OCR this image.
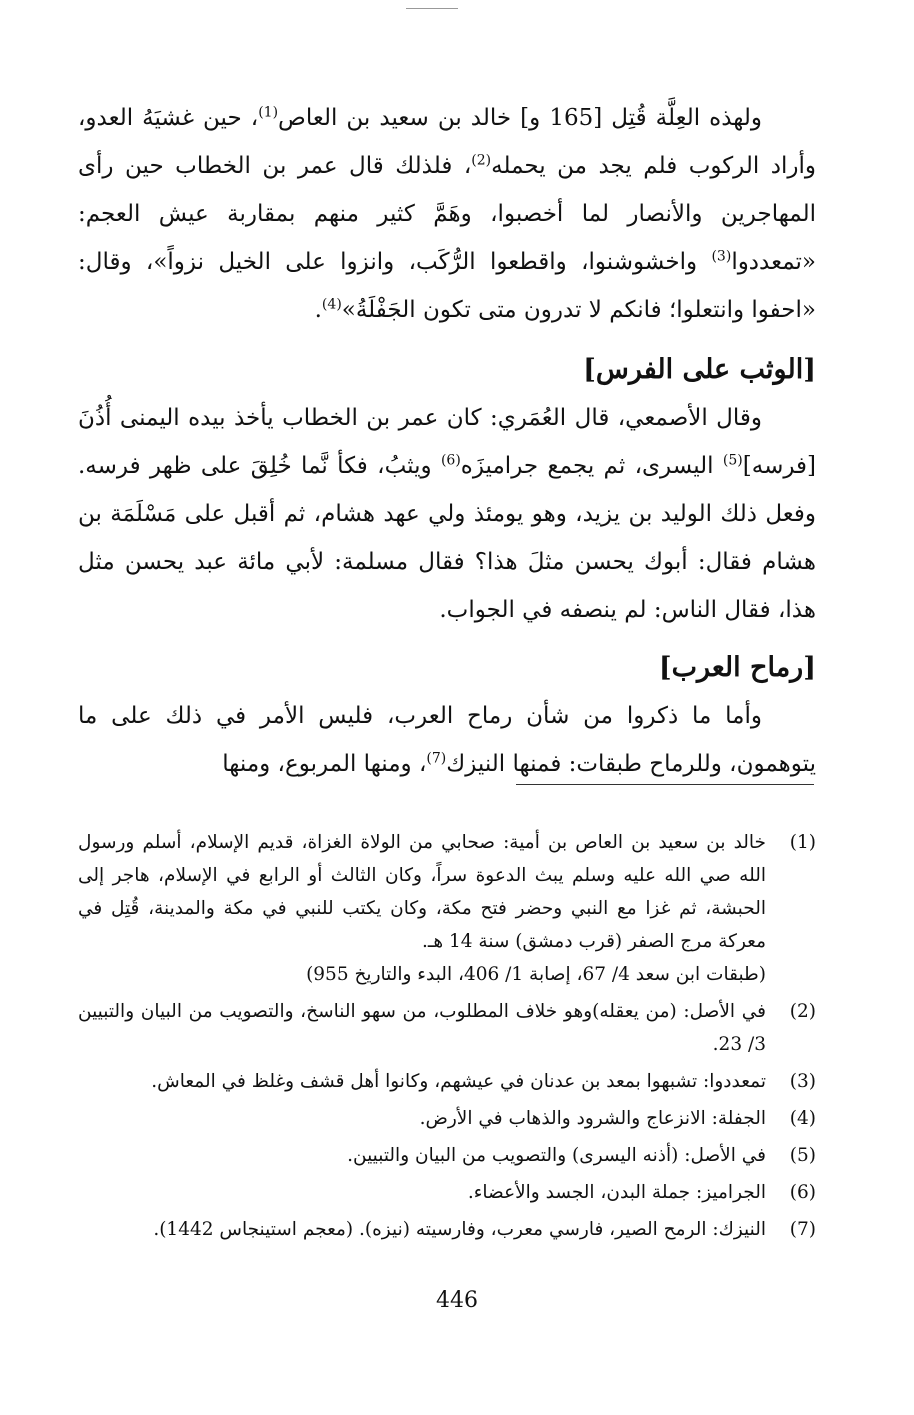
ولهذه العِلَّة قُتِل [165 و] خالد بن سعيد بن العاص$^{(1)}$، حين غشيَهُ العدو، وأراد الركوب فلم يجد من يحمله$^{(2)}$، فلذلك قال عمر بن الخطاب حين رأى المهاجرين والأنصار لما أخصبوا، وهَمَّ كثير منهم بمقاربة عيش العجم: «تمعددوا$^{(3)}$ واخشوشنوا، واقطعوا الرُّكَب، وانزوا على الخيل نزواً»، وقال: «احفوا وانتعلوا؛ فانكم لا تدرون متى تكون الجَفْلَةُ»$^{(4)}$.

[الوثب على الفرس]

وقال الأصمعي، قال العُمَري: كان عمر بن الخطاب يأخذ بيده اليمنى أُذُنَ [فرسه]$^{(5)}$ اليسرى، ثم يجمع جراميزَه$^{(6)}$ ويثبُ، فكأ نَّما خُلِقَ على ظهر فرسه. وفعل ذلك الوليد بن يزيد، وهو يومئذ ولي عهد هشام، ثم أقبل على مَسْلَمَة بن هشام فقال: أبوك يحسن مثلَ هذا؟ فقال مسلمة: لأبي مائة عبد يحسن مثل هذا، فقال الناس: لم ينصفه في الجواب.

[رماح العرب]

وأما ما ذكروا من شأن رماح العرب، فليس الأمر في ذلك على ما يتوهمون، وللرماح طبقات: فمنها النيزك$^{(7)}$، ومنها المربوع، ومنها

(1)
خالد بن سعيد بن العاص بن أمية: صحابي من الولاة الغزاة، قديم الإسلام، أسلم ورسول الله صي الله عليه وسلم يبث الدعوة سراً، وكان الثالث أو الرابع في الإسلام، هاجر إلى الحبشة، ثم غزا مع النبي وحضر فتح مكة، وكان يكتب للنبي في مكة والمدينة، قُتِل في معركة مرج الصفر (قرب دمشق) سنة 14 هـ.
(طبقات ابن سعد 4/ 67، إصابة 1/ 406، البدء والتاريخ 955)
(2)
في الأصل: (من يعقله)وهو خلاف المطلوب، من سهو الناسخ، والتصويب من البيان والتبيين 3/ 23.
(3)
تمعددوا: تشبهوا بمعد بن عدنان في عيشهم، وكانوا أهل قشف وغلظ في المعاش.
(4)
الجفلة: الانزعاج والشرود والذهاب في الأرض.
(5)
في الأصل: (أذنه اليسرى) والتصويب من البيان والتبيين.
(6)
الجراميز: جملة البدن، الجسد والأعضاء.
(7)
النيزك: الرمح الصير، فارسي معرب، وفارسيته (نيزه). (معجم استينجاس 1442).
446
